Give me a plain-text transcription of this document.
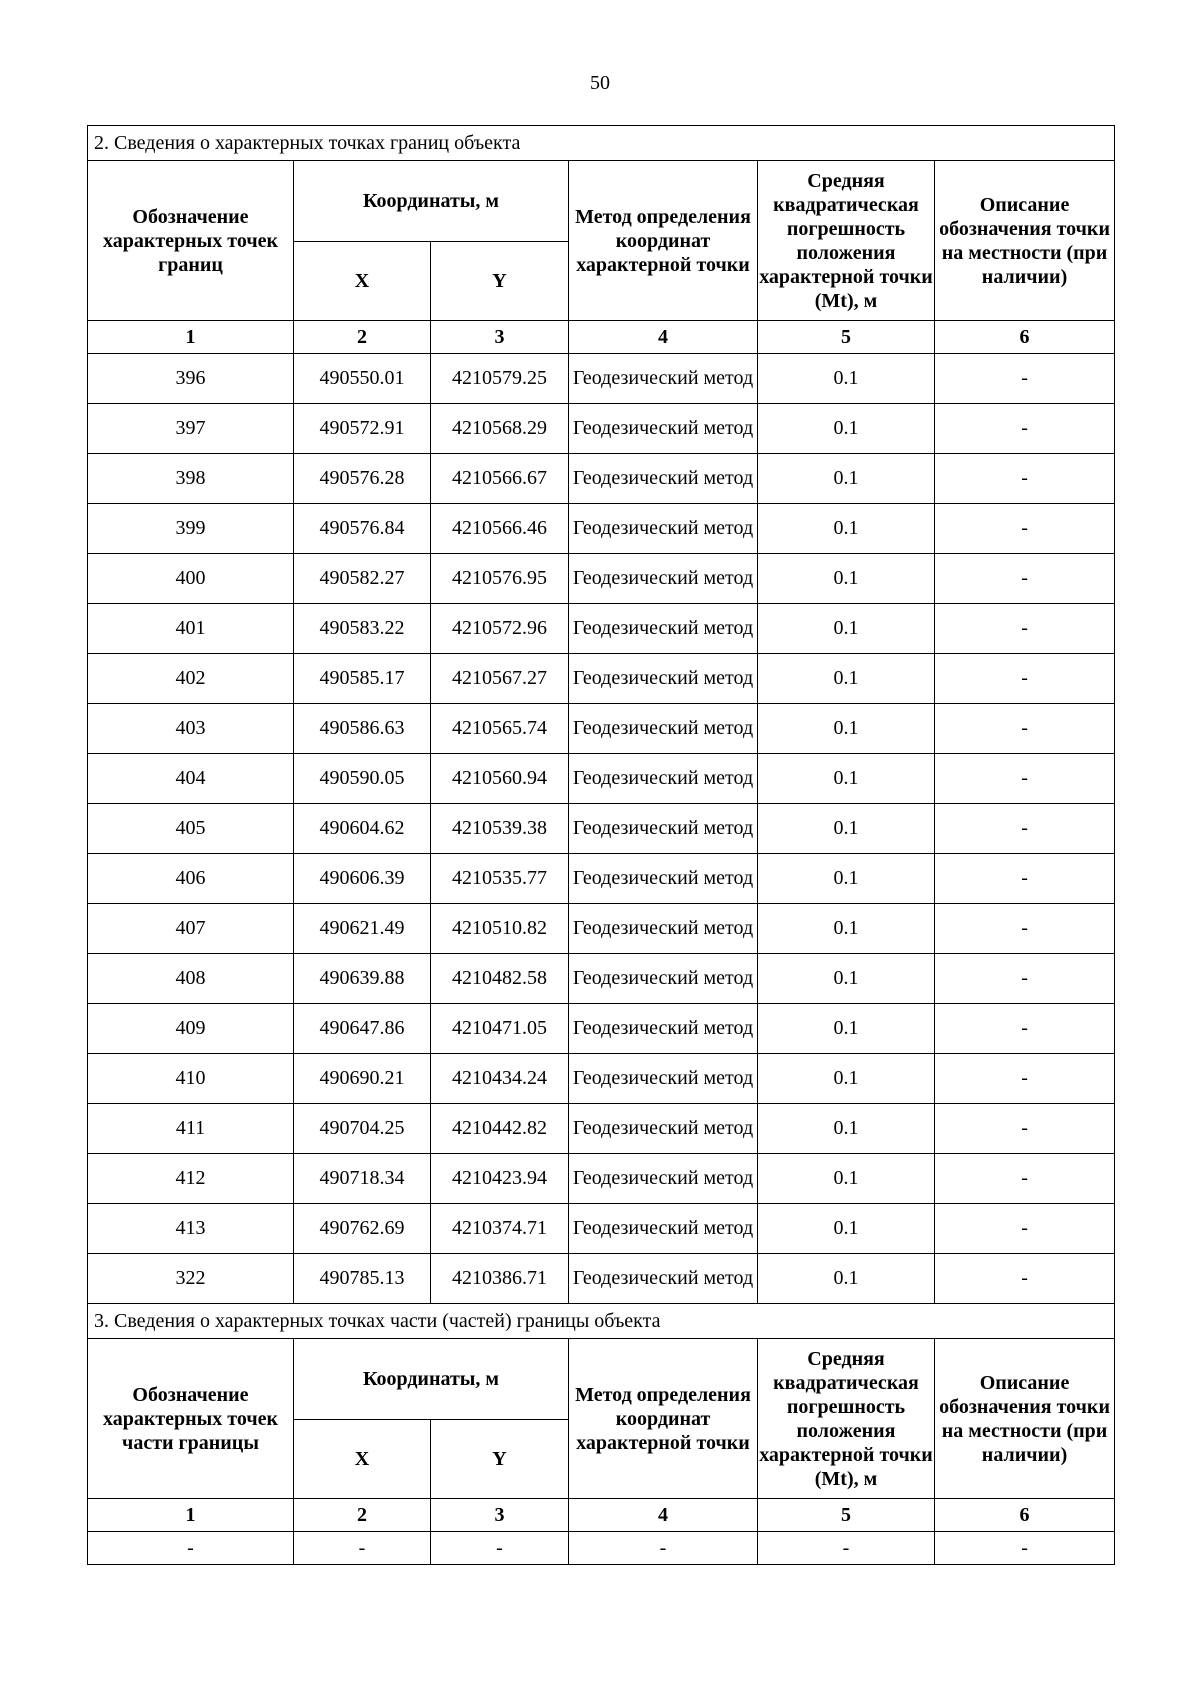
50
2. Сведения о характерных точках границ объекта					
Обозначение характерных точек границ	Координаты, м		Метод определения координат характерной точки	Средняя квадратическая погрешность положения характерной точки (Mt), м	Описание обозначения точки на местности (при наличии)
	X	Y			
1	2	3	4	5	6
396	490550.01	4210579.25	Геодезический метод	0.1	-
397	490572.91	4210568.29	Геодезический метод	0.1	-
398	490576.28	4210566.67	Геодезический метод	0.1	-
399	490576.84	4210566.46	Геодезический метод	0.1	-
400	490582.27	4210576.95	Геодезический метод	0.1	-
401	490583.22	4210572.96	Геодезический метод	0.1	-
402	490585.17	4210567.27	Геодезический метод	0.1	-
403	490586.63	4210565.74	Геодезический метод	0.1	-
404	490590.05	4210560.94	Геодезический метод	0.1	-
405	490604.62	4210539.38	Геодезический метод	0.1	-
406	490606.39	4210535.77	Геодезический метод	0.1	-
407	490621.49	4210510.82	Геодезический метод	0.1	-
408	490639.88	4210482.58	Геодезический метод	0.1	-
409	490647.86	4210471.05	Геодезический метод	0.1	-
410	490690.21	4210434.24	Геодезический метод	0.1	-
411	490704.25	4210442.82	Геодезический метод	0.1	-
412	490718.34	4210423.94	Геодезический метод	0.1	-
413	490762.69	4210374.71	Геодезический метод	0.1	-
322	490785.13	4210386.71	Геодезический метод	0.1	-
3. Сведения о характерных точках части (частей) границы объекта					
Обозначение характерных точек части границы	Координаты, м		Метод определения координат характерной точки	Средняя квадратическая погрешность положения характерной точки (Mt), м	Описание обозначения точки на местности (при наличии)
	X	Y			
1	2	3	4	5	6
-	-	-	-	-	-
